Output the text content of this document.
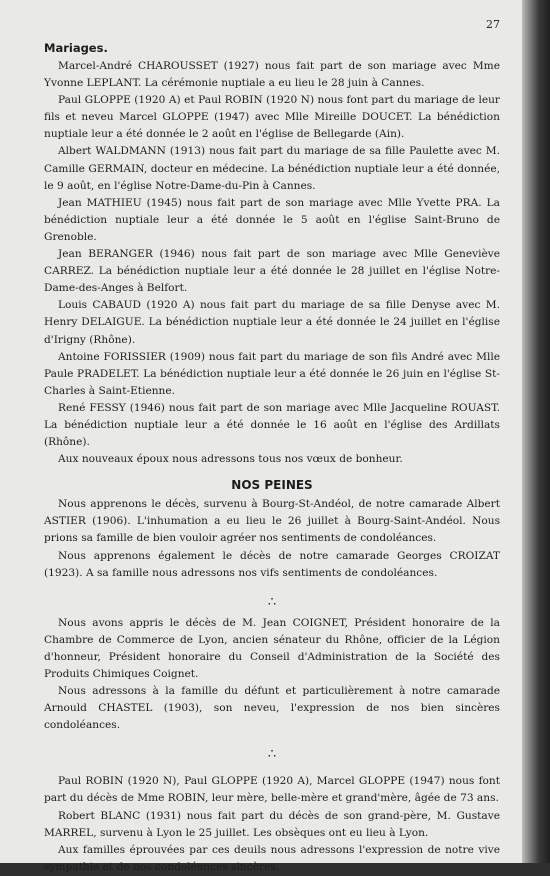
27
Mariages.

Marcel-André CHAROUSSET (1927) nous fait part de son mariage avec Mme Yvonne LEPLANT. La cérémonie nuptiale a eu lieu le 28 juin à Cannes.

Paul GLOPPE (1920 A) et Paul ROBIN (1920 N) nous font part du mariage de leur fils et neveu Marcel GLOPPE (1947) avec Mlle Mireille DOUCET. La bénédiction nuptiale leur a été donnée le 2 août en l'église de Bellegarde (Ain).

Albert WALDMANN (1913) nous fait part du mariage de sa fille Paulette avec M. Camille GERMAIN, docteur en médecine. La bénédiction nuptiale leur a été donnée, le 9 août, en l'église Notre-Dame-du-Pin à Cannes.

Jean MATHIEU (1945) nous fait part de son mariage avec Mlle Yvette PRA. La bénédiction nuptiale leur a été donnée le 5 août en l'église Saint-Bruno de Grenoble.

Jean BERANGER (1946) nous fait part de son mariage avec Mlle Geneviève CARREZ. La bénédiction nuptiale leur a été donnée le 28 juillet en l'église Notre-Dame-des-Anges à Belfort.

Louis CABAUD (1920 A) nous fait part du mariage de sa fille Denyse avec M. Henry DELAIGUE. La bénédiction nuptiale leur a été donnée le 24 juillet en l'église d'Irigny (Rhône).

Antoine FORISSIER (1909) nous fait part du mariage de son fils André avec Mlle Paule PRADELET. La bénédiction nuptiale leur a été donnée le 26 juin en l'église St-Charles à Saint-Etienne.

René FESSY (1946) nous fait part de son mariage avec Mlle Jacqueline ROUAST. La bénédiction nuptiale leur a été donnée le 16 août en l'église des Ardillats (Rhône).

Aux nouveaux époux nous adressons tous nos vœux de bonheur.

NOS PEINES

Nous apprenons le décès, survenu à Bourg-St-Andéol, de notre camarade Albert ASTIER (1906). L'inhumation a eu lieu le 26 juillet à Bourg-Saint-Andéol. Nous prions sa famille de bien vouloir agréer nos sentiments de condoléances.

Nous apprenons également le décès de notre camarade Georges CROIZAT (1923). A sa famille nous adressons nos vifs sentiments de condoléances.

∴

Nous avons appris le décès de M. Jean COIGNET, Président honoraire de la Chambre de Commerce de Lyon, ancien sénateur du Rhône, officier de la Légion d'honneur, Président honoraire du Conseil d'Administration de la Société des Produits Chimiques Coignet.

Nous adressons à la famille du défunt et particulièrement à notre camarade Arnould CHASTEL (1903), son neveu, l'expression de nos bien sincères condoléances.

∴

Paul ROBIN (1920 N), Paul GLOPPE (1920 A), Marcel GLOPPE (1947) nous font part du décès de Mme ROBIN, leur mère, belle-mère et grand'mère, âgée de 73 ans.

Robert BLANC (1931) nous fait part du décès de son grand-père, M. Gustave MARREL, survenu à Lyon le 25 juillet. Les obsèques ont eu lieu à Lyon.

Aux familles éprouvées par ces deuils nous adressons l'expression de notre vive sympathie et de nos condoléances sincères.
